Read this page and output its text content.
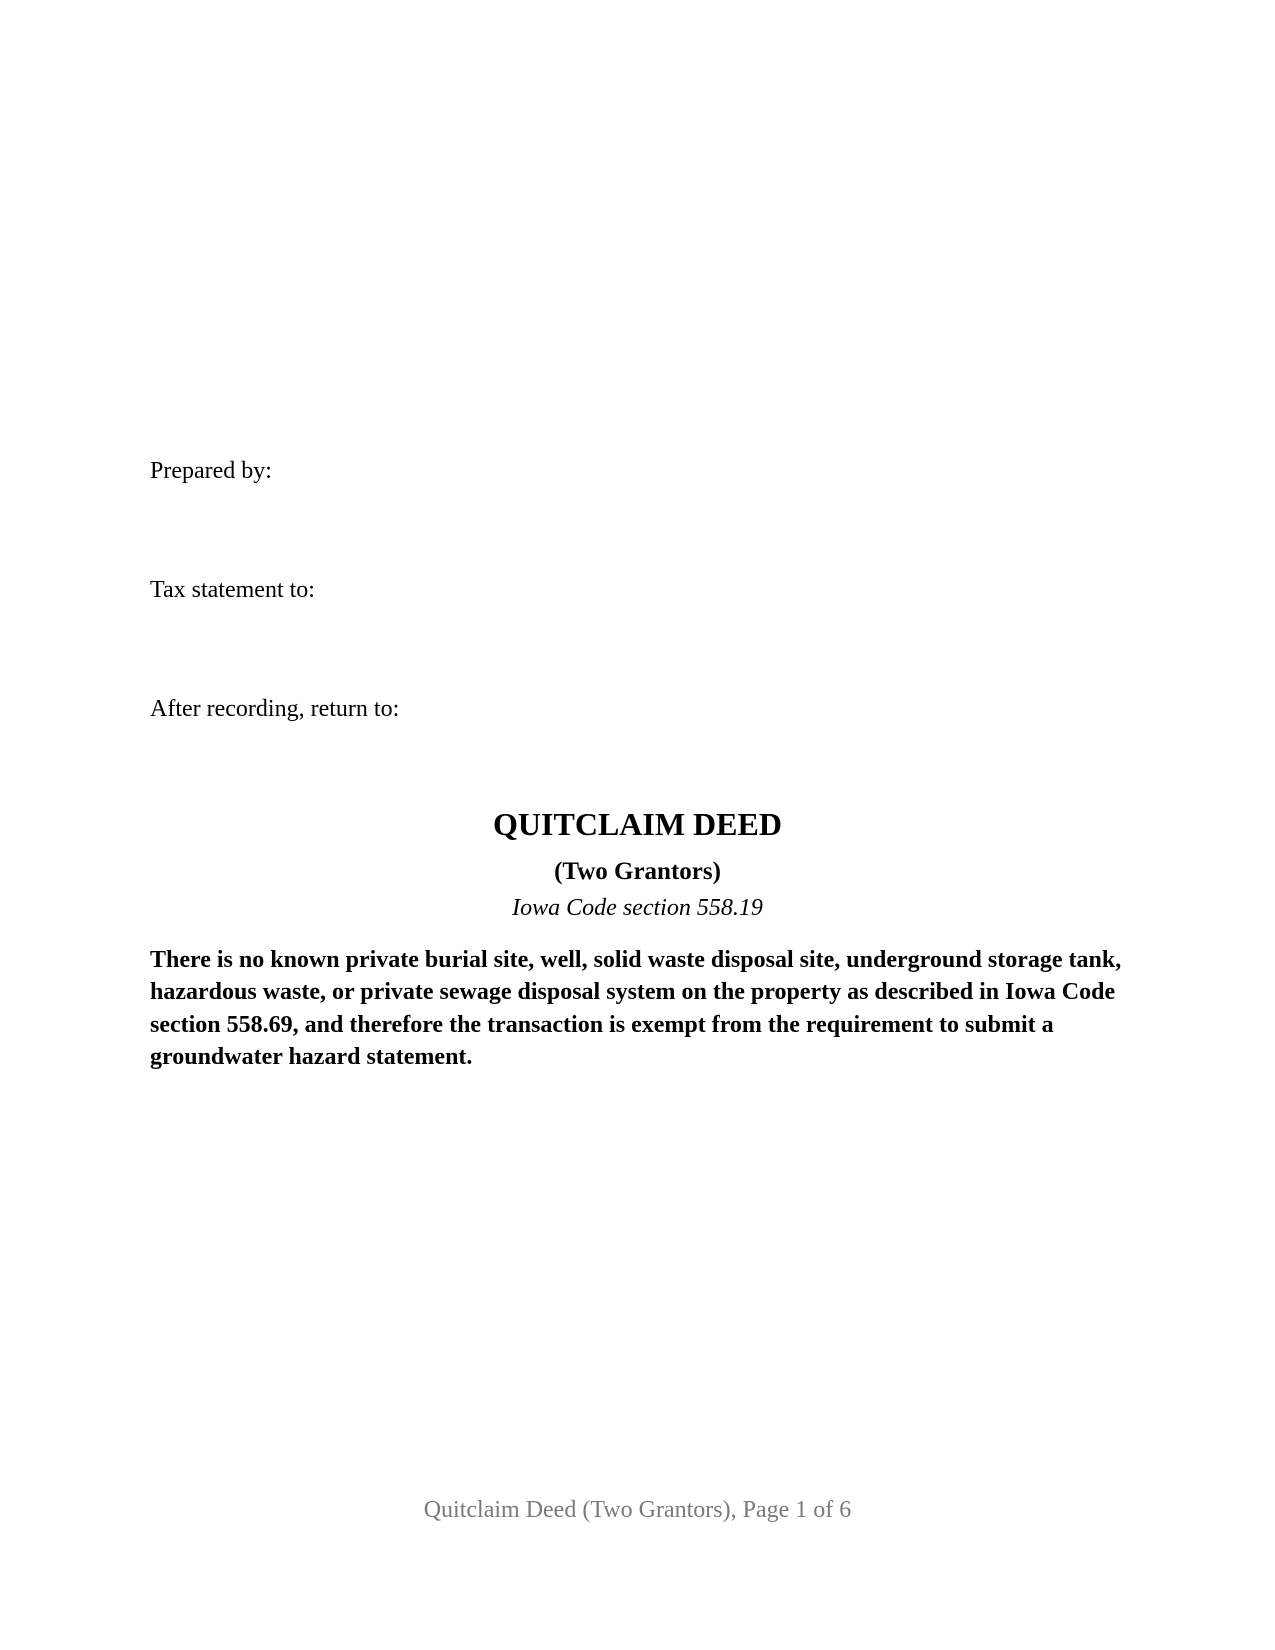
Prepared by:
Tax statement to:
After recording, return to:
QUITCLAIM DEED
(Two Grantors)
Iowa Code section 558.19

There is no known private burial site, well, solid waste disposal site, underground storage tank, hazardous waste, or private sewage disposal system on the property as described in Iowa Code section 558.69, and therefore the transaction is exempt from the requirement to submit a groundwater hazard statement.

Quitclaim Deed (Two Grantors), Page 1 of 6
